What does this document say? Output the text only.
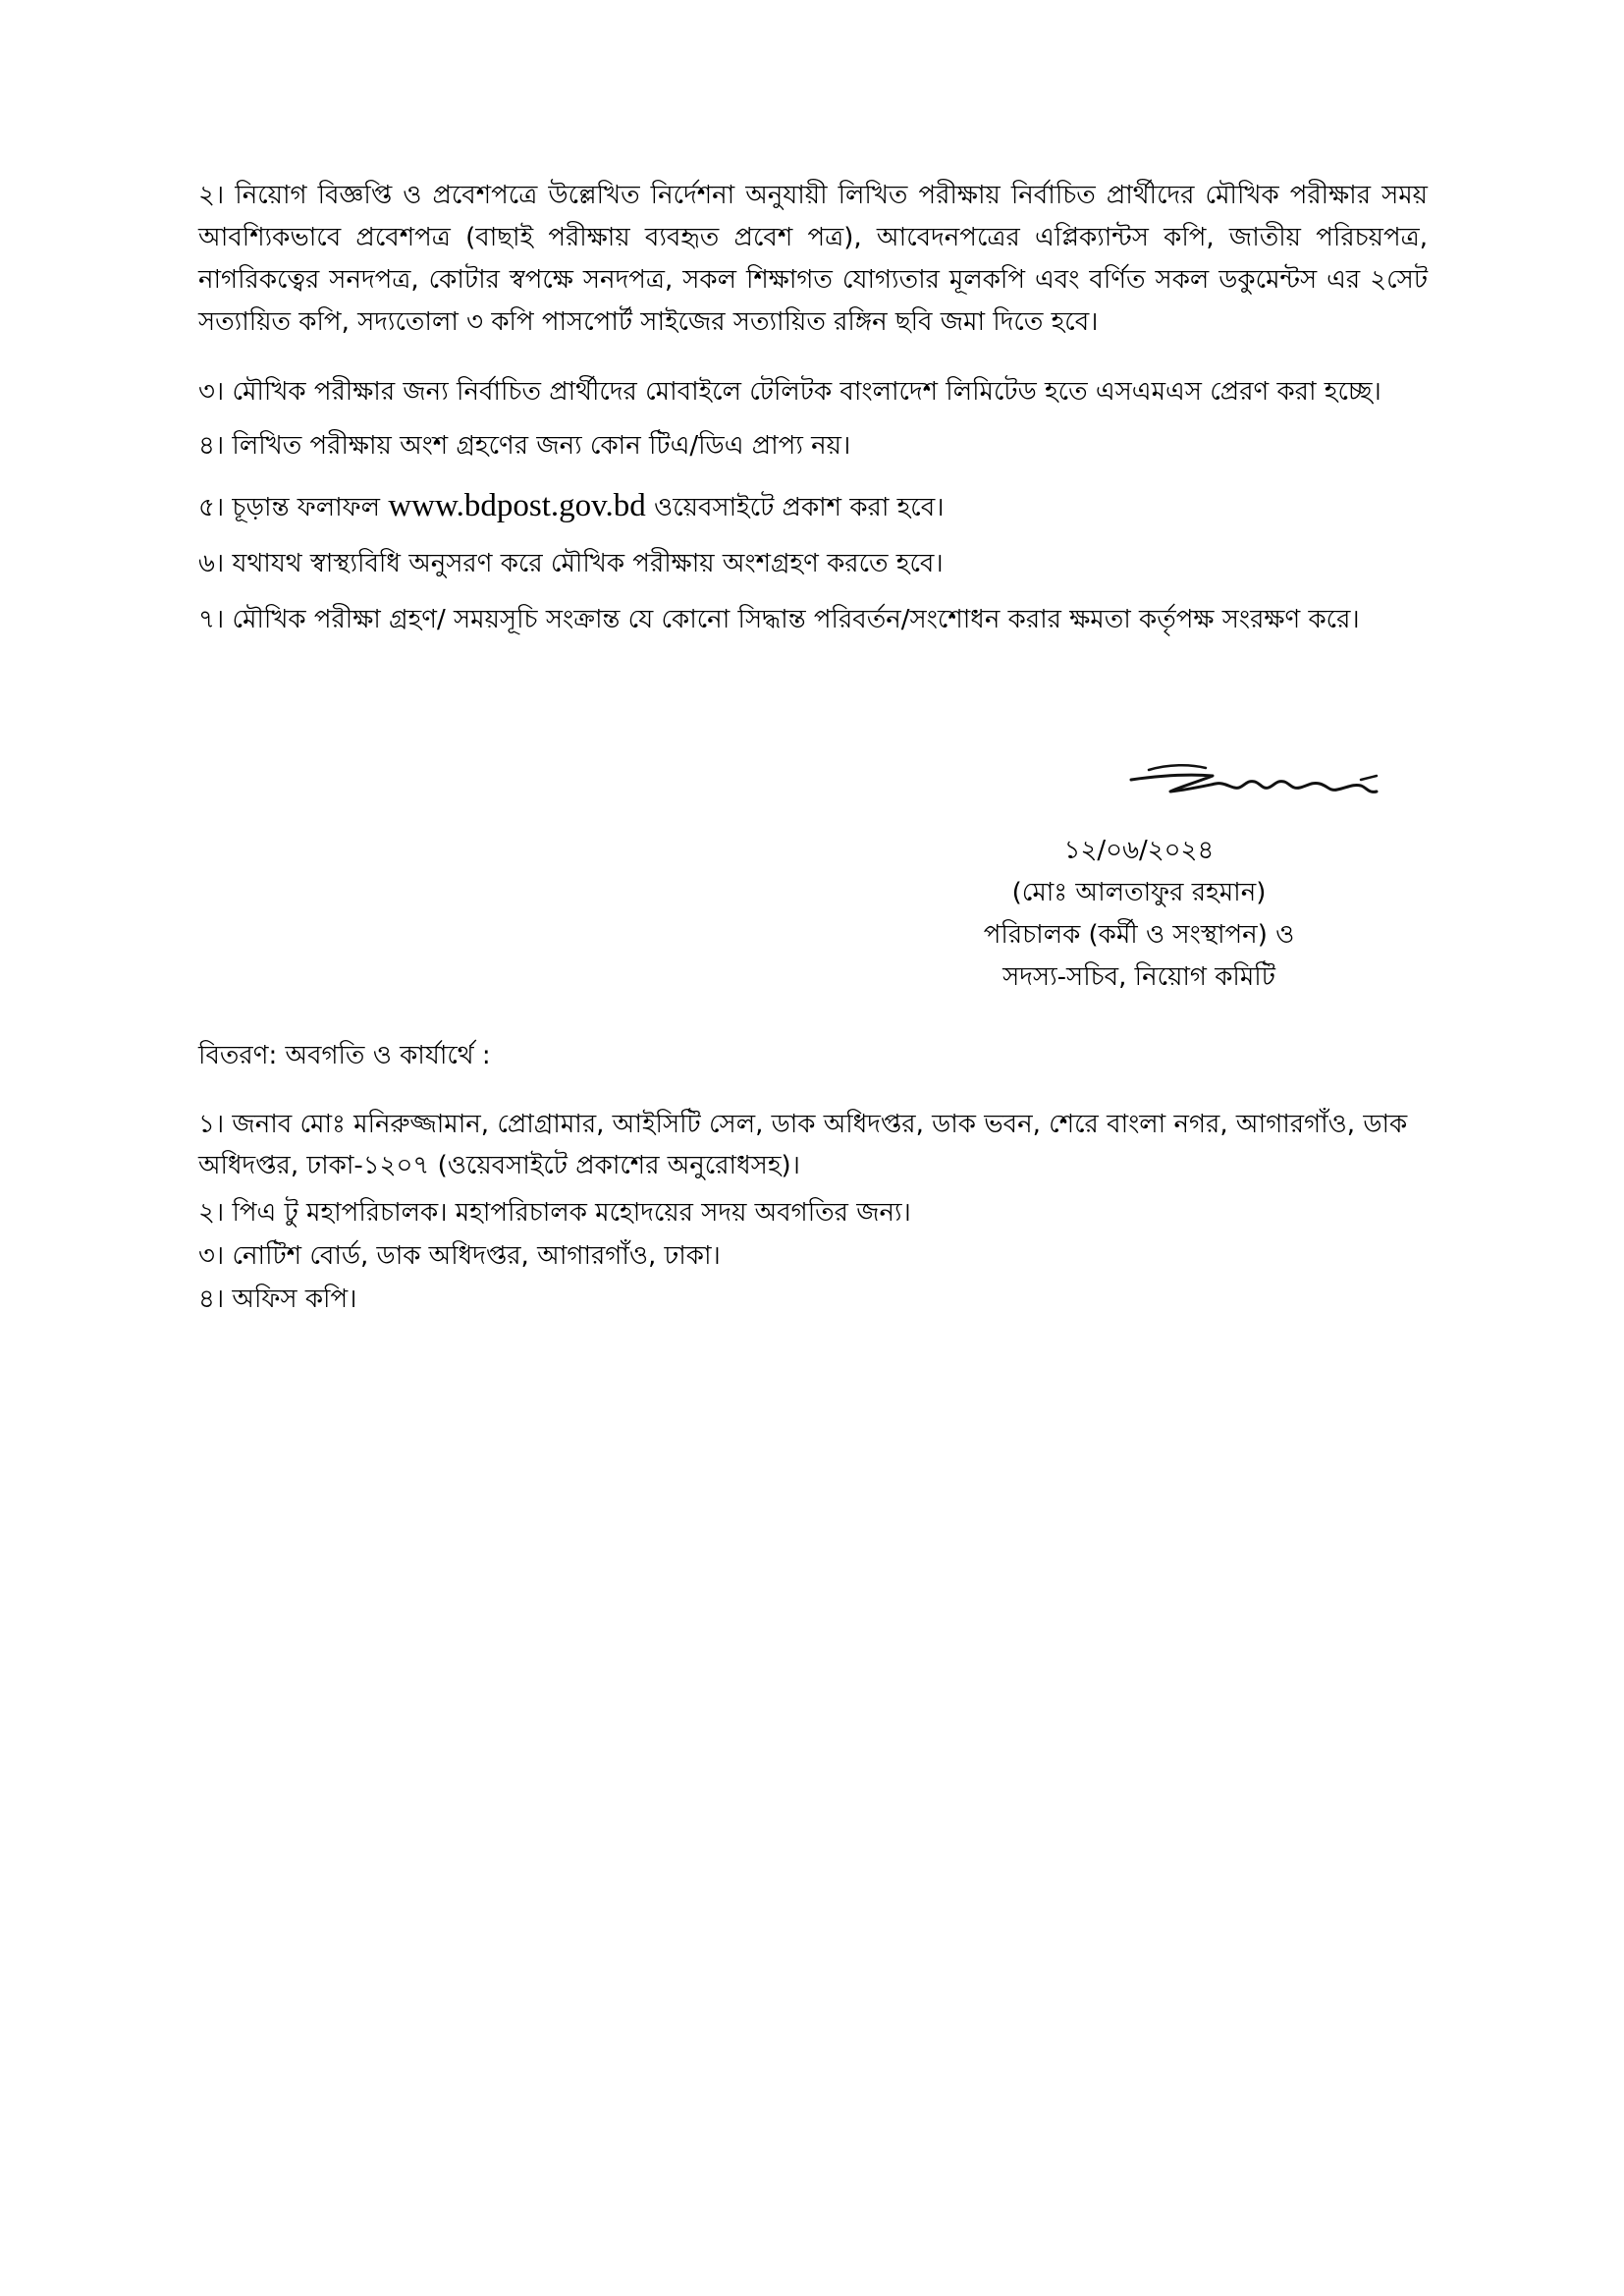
২। নিয়োগ বিজ্ঞপ্তি ও প্রবেশপত্রে উল্লেখিত নির্দেশনা অনুযায়ী লিখিত পরীক্ষায় নির্বাচিত প্রার্থীদের মৌখিক পরীক্ষার সময় আবশ্যিকভাবে প্রবেশপত্র (বাছাই পরীক্ষায় ব্যবহৃত প্রবেশ পত্র), আবেদনপত্রের এপ্লিক্যান্টস কপি, জাতীয় পরিচয়পত্র, নাগরিকত্বের সনদপত্র, কোটার স্বপক্ষে সনদপত্র, সকল শিক্ষাগত যোগ্যতার মূলকপি এবং বর্ণিত সকল ডকুমেন্টস এর ২সেট সত্যায়িত কপি, সদ্যতোলা ৩ কপি পাসপোর্ট সাইজের সত্যায়িত রঙ্গিন ছবি জমা দিতে হবে।

৩। মৌখিক পরীক্ষার জন্য নির্বাচিত প্রার্থীদের মোবাইলে টেলিটক বাংলাদেশ লিমিটেড হতে এসএমএস প্রেরণ করা হচ্ছে।

৪। লিখিত পরীক্ষায় অংশ গ্রহণের জন্য কোন টিএ/ডিএ প্রাপ্য নয়।

৫। চূড়ান্ত ফলাফল www.bdpost.gov.bd ওয়েবসাইটে প্রকাশ করা হবে।

৬। যথাযথ স্বাস্থ্যবিধি অনুসরণ করে মৌখিক পরীক্ষায় অংশগ্রহণ করতে হবে।

৭। মৌখিক পরীক্ষা গ্রহণ/ সময়সূচি সংক্রান্ত যে কোনো সিদ্ধান্ত পরিবর্তন/সংশোধন করার ক্ষমতা কর্তৃপক্ষ সংরক্ষণ করে।

১২/০৬/২০২৪
(মোঃ আলতাফুর রহমান)
পরিচালক (কর্মী ও সংস্থাপন) ও
সদস্য-সচিব, নিয়োগ কমিটি
বিতরণ: অবগতি ও কার্যার্থে :
১। জনাব মোঃ মনিরুজ্জামান, প্রোগ্রামার, আইসিটি সেল, ডাক অধিদপ্তর, ডাক ভবন, শেরে বাংলা নগর, আগারগাঁও, ডাক অধিদপ্তর, ঢাকা-১২০৭ (ওয়েবসাইটে প্রকাশের অনুরোধসহ)।
২। পিএ টু মহাপরিচালক। মহাপরিচালক মহোদয়ের সদয় অবগতির জন্য।
৩। নোটিশ বোর্ড, ডাক অধিদপ্তর, আগারগাঁও, ঢাকা।
৪। অফিস কপি।
